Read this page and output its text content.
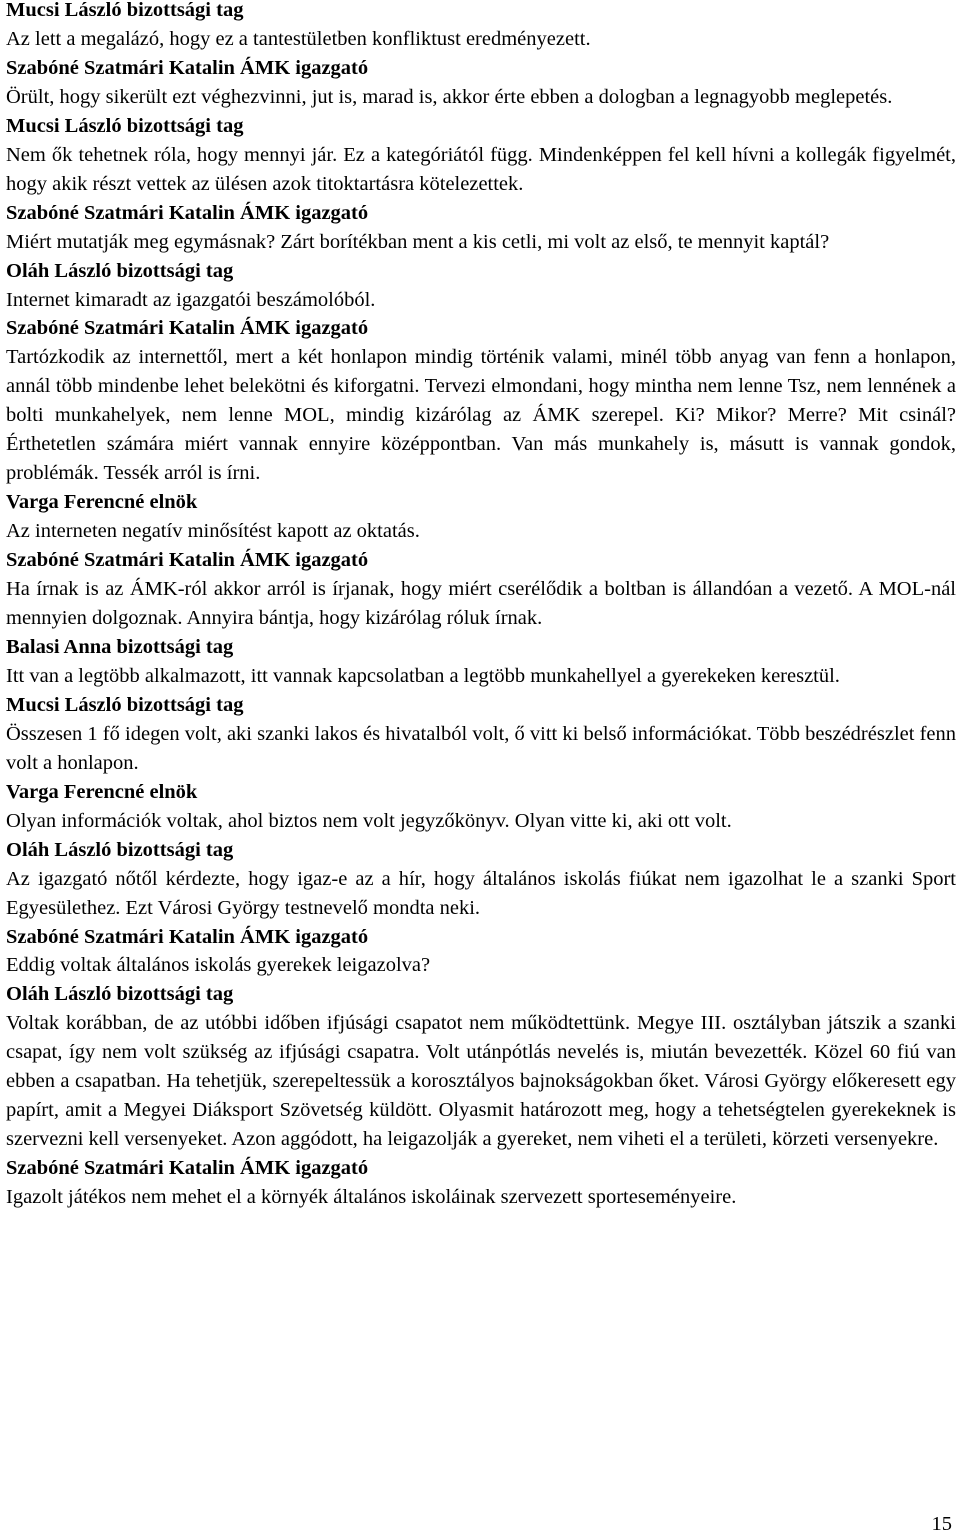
Mucsi László bizottsági tag
Az lett a megalázó, hogy ez a tantestületben konfliktust eredményezett.
Szabóné Szatmári Katalin ÁMK igazgató
Örült, hogy sikerült ezt véghezvinni, jut is, marad is, akkor érte ebben a dologban a legnagyobb meglepetés.
Mucsi László bizottsági tag
Nem ők tehetnek róla, hogy mennyi jár. Ez a kategóriától függ. Mindenképpen fel kell hívni a kollegák figyelmét, hogy akik részt vettek az ülésen azok titoktartásra kötelezettek.
Szabóné Szatmári Katalin ÁMK igazgató
Miért mutatják meg egymásnak? Zárt borítékban ment a kis cetli, mi volt az első, te mennyit kaptál?
Oláh László bizottsági tag
Internet kimaradt az igazgatói beszámolóból.
Szabóné Szatmári Katalin ÁMK igazgató
Tartózkodik az internettől, mert a két honlapon mindig történik valami, minél több anyag van fenn a honlapon, annál több mindenbe lehet belekötni és kiforgatni. Tervezi elmondani, hogy mintha nem lenne Tsz, nem lennének a bolti munkahelyek, nem lenne MOL, mindig kizárólag az ÁMK szerepel. Ki? Mikor? Merre? Mit csinál? Érthetetlen számára miért vannak ennyire középpontban. Van más munkahely is, másutt is vannak gondok, problémák. Tessék arról is írni.
Varga Ferencné elnök
Az interneten negatív minősítést kapott az oktatás.
Szabóné Szatmári Katalin ÁMK igazgató
Ha írnak is az ÁMK-ról akkor arról is írjanak, hogy miért cserélődik a boltban is állandóan a vezető. A MOL-nál mennyien dolgoznak. Annyira bántja, hogy kizárólag róluk írnak.
Balasi Anna bizottsági tag
Itt van a legtöbb alkalmazott, itt vannak kapcsolatban a legtöbb munkahellyel a gyerekeken keresztül.
Mucsi László bizottsági tag
Összesen 1 fő idegen volt, aki szanki lakos és hivatalból volt, ő vitt ki belső információkat. Több beszédrészlet fenn volt a honlapon.
Varga Ferencné elnök
Olyan információk voltak, ahol biztos nem volt jegyzőkönyv. Olyan vitte ki, aki ott volt.
Oláh László bizottsági tag
Az igazgató nőtől kérdezte, hogy igaz-e az a hír, hogy általános iskolás fiúkat nem igazolhat le a szanki Sport Egyesülethez. Ezt Városi György testnevelő mondta neki.
Szabóné Szatmári Katalin ÁMK igazgató
Eddig voltak általános iskolás gyerekek leigazolva?
Oláh László bizottsági tag
Voltak korábban, de az utóbbi időben ifjúsági csapatot nem működtettünk. Megye III. osztályban játszik a szanki csapat, így nem volt szükség az ifjúsági csapatra. Volt utánpótlás nevelés is, miután bevezették. Közel 60 fiú van ebben a csapatban. Ha tehetjük, szerepeltessük a korosztályos bajnokságokban őket. Városi György előkeresett egy papírt, amit a Megyei Diáksport Szövetség küldött. Olyasmit határozott meg, hogy a tehetségtelen gyerekeknek is szervezni kell versenyeket. Azon aggódott, ha leigazolják a gyereket, nem viheti el a területi, körzeti versenyekre.
Szabóné Szatmári Katalin ÁMK igazgató
Igazolt játékos nem mehet el a környék általános iskoláinak szervezett sporteseményeire.
15
